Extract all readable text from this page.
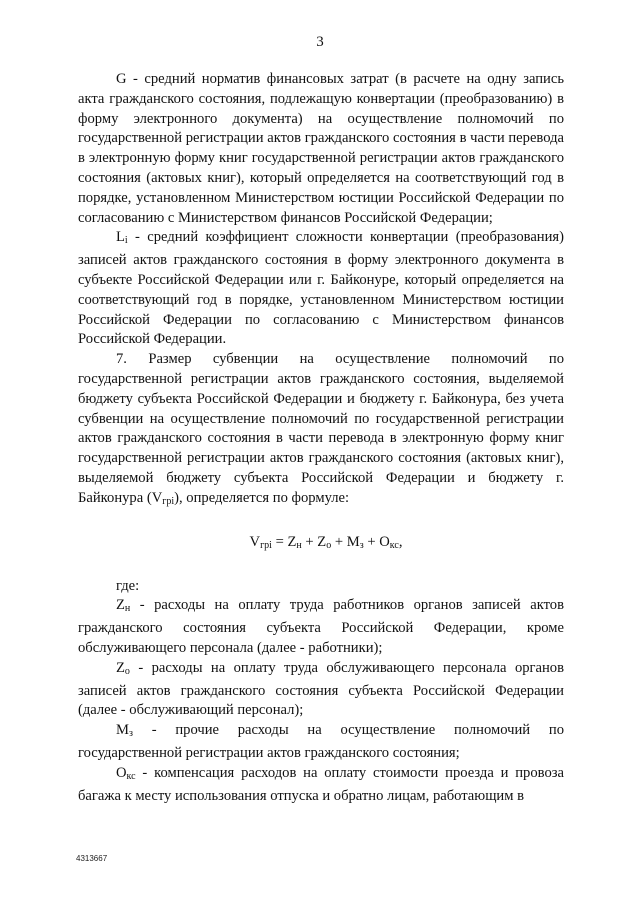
3

G - средний норматив финансовых затрат (в расчете на одну запись акта гражданского состояния, подлежащую конвертации (преобразованию) в форму электронного документа) на осуществление полномочий по государственной регистрации актов гражданского состояния в части перевода в электронную форму книг государственной регистрации актов гражданского состояния (актовых книг), который определяется на соответствующий год в порядке, установленном Министерством юстиции Российской Федерации по согласованию с Министерством финансов Российской Федерации;

Li - средний коэффициент сложности конвертации (преобразования) записей актов гражданского состояния в форму электронного документа в субъекте Российской Федерации или г. Байконуре, который определяется на соответствующий год в порядке, установленном Министерством юстиции Российской Федерации по согласованию с Министерством финансов Российской Федерации.

7. Размер субвенции на осуществление полномочий по государственной регистрации актов гражданского состояния, выделяемой бюджету субъекта Российской Федерации и бюджету г. Байконура, без учета субвенции на осуществление полномочий по государственной регистрации актов гражданского состояния в части перевода в электронную форму книг государственной регистрации актов гражданского состояния (актовых книг), выделяемой бюджету субъекта Российской Федерации и бюджету г. Байконура (Vгрi), определяется по формуле:

Vгрi = Zн + Zо + Mз + Oкс,

где:

Zн - расходы на оплату труда работников органов записей актов гражданского состояния субъекта Российской Федерации, кроме обслуживающего персонала (далее - работники);

Zо - расходы на оплату труда обслуживающего персонала органов записей актов гражданского состояния субъекта Российской Федерации (далее - обслуживающий персонал);

Mз - прочие расходы на осуществление полномочий по государственной регистрации актов гражданского состояния;

Oкс - компенсация расходов на оплату стоимости проезда и провоза багажа к месту использования отпуска и обратно лицам, работающим в

4313667
